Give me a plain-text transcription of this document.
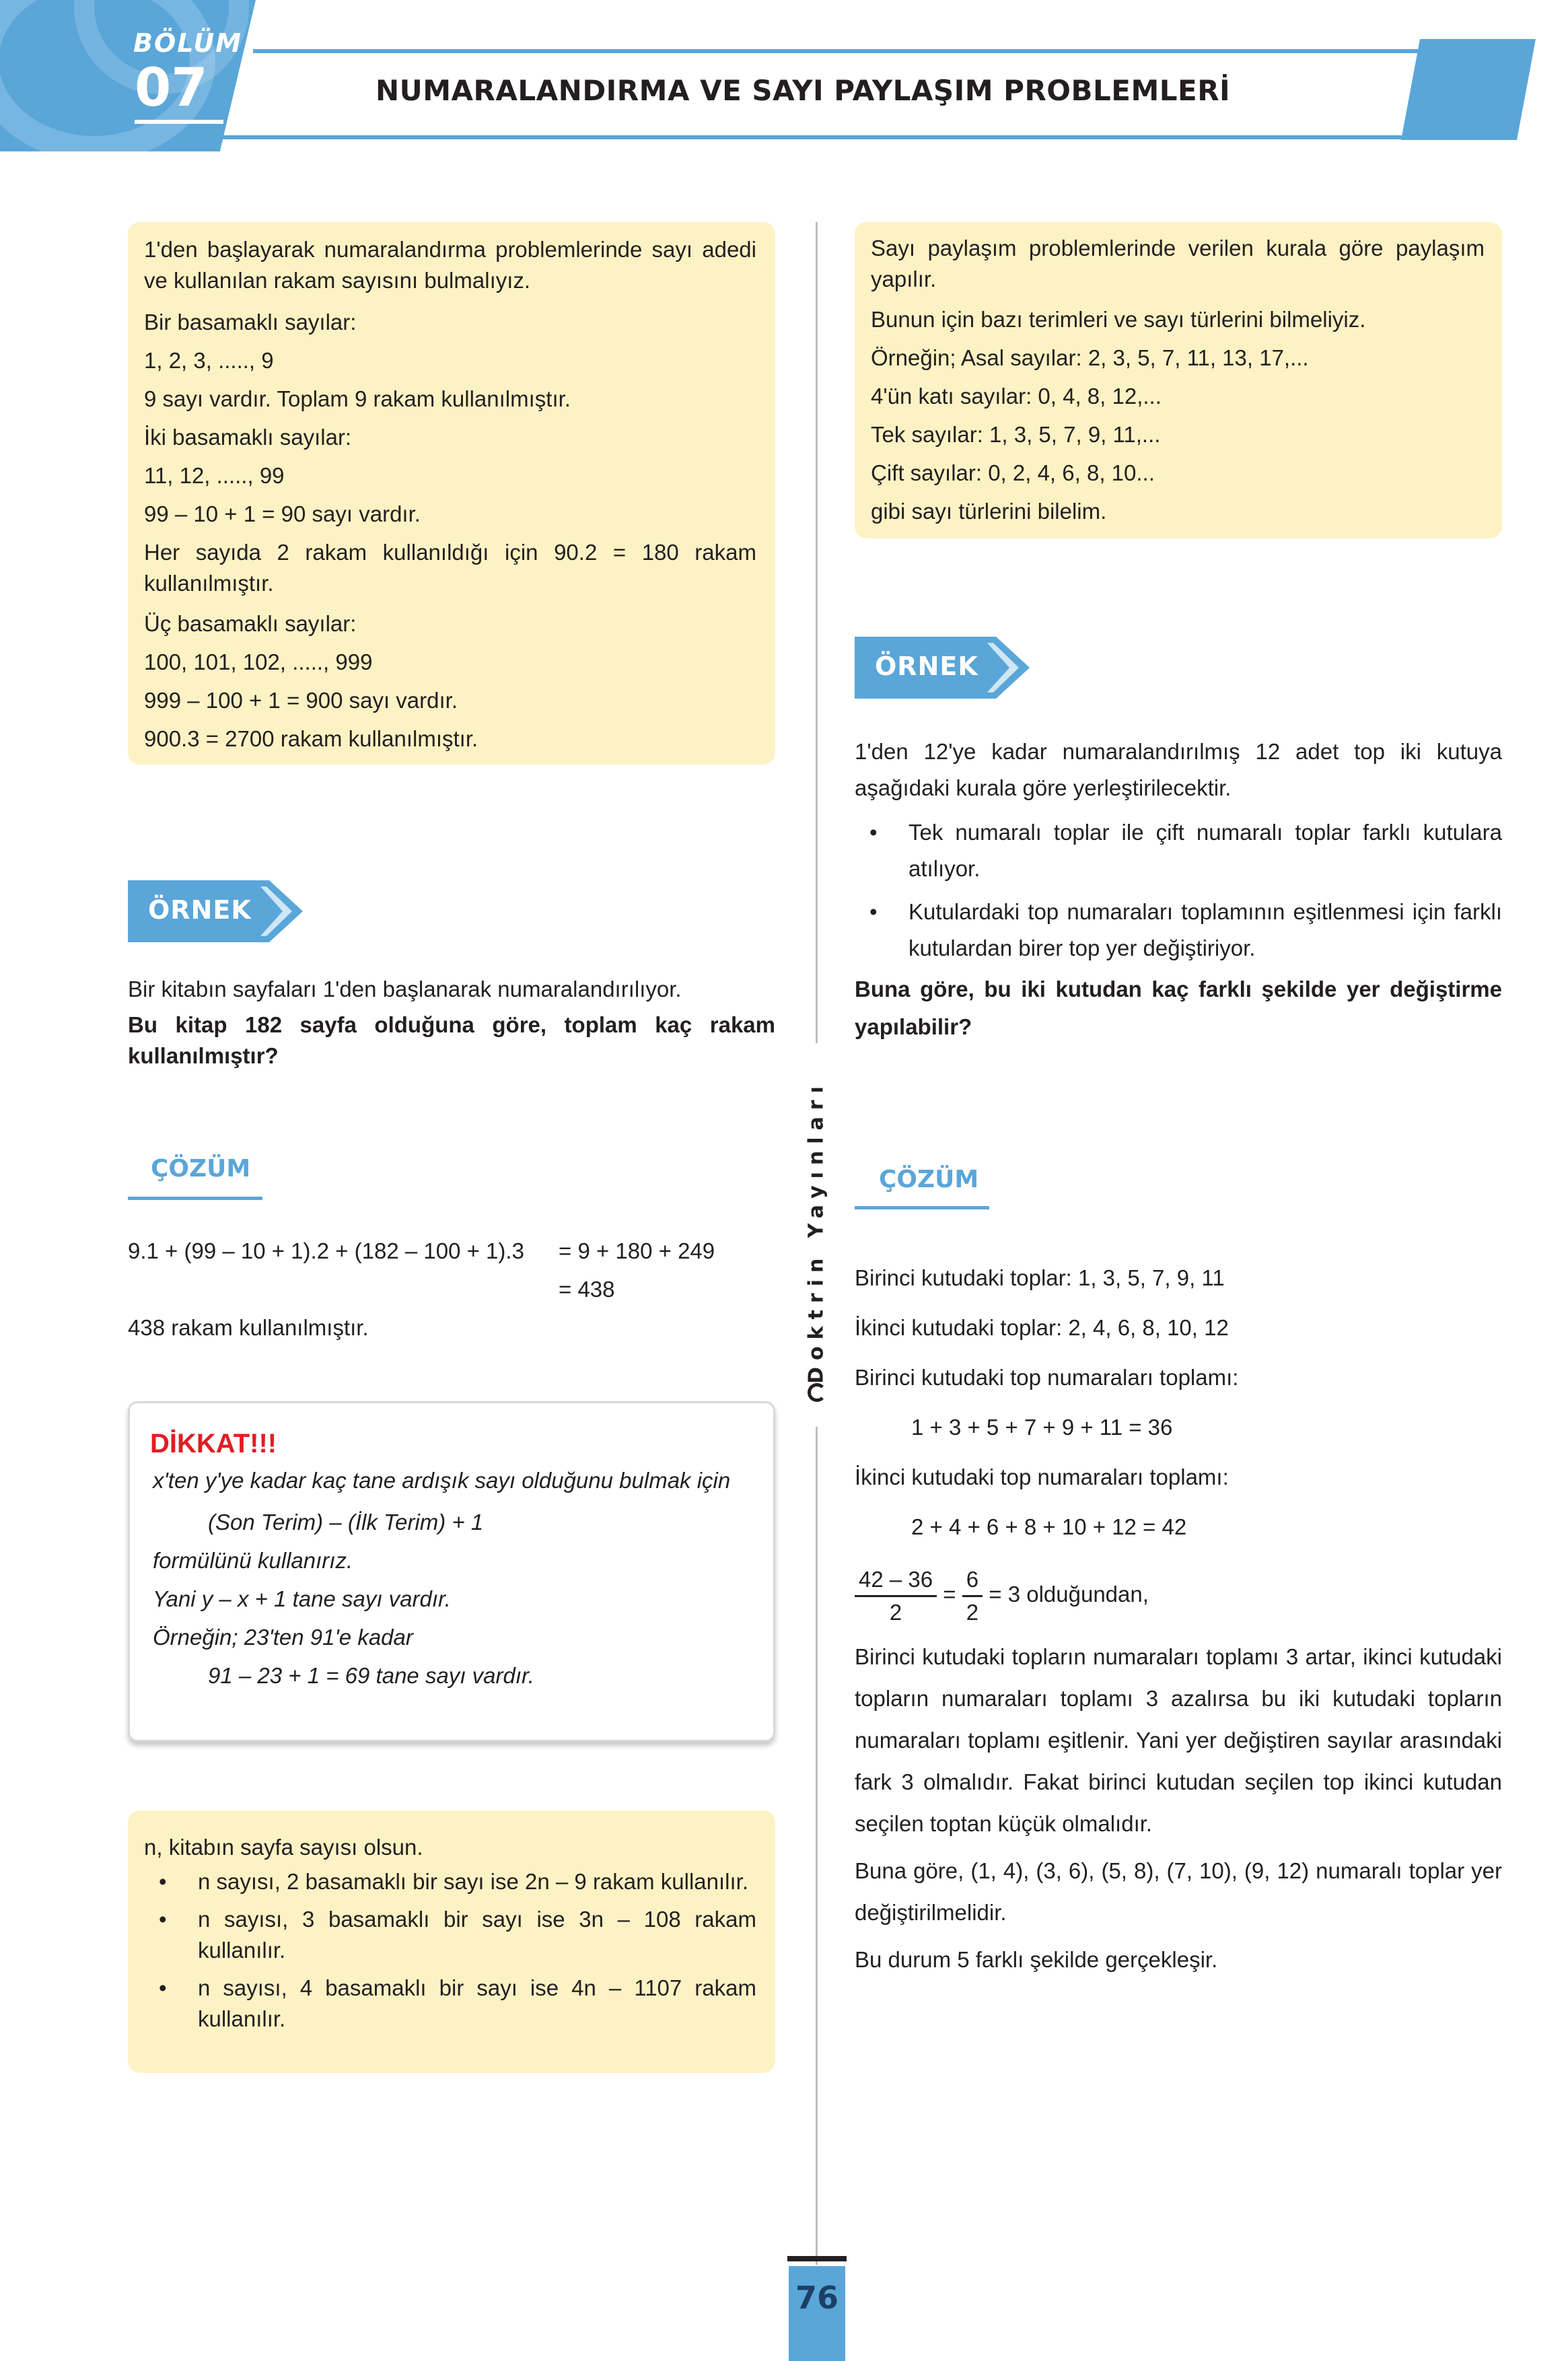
BÖLÜM
07	NUMARALANDIRMA VE SAYI PAYLAŞIM PROBLEMLERİ
1'den başlayarak numaralandırma problemlerinde sayı adedi ve kullanılan rakam sayısını bulmalıyız.
Bir basamaklı sayılar:
1, 2, 3, ....., 9
9 sayı vardır. Toplam 9 rakam kullanılmıştır.
İki basamaklı sayılar:
11, 12, ....., 99
99 – 10 + 1 = 90 sayı vardır.
Her sayıda 2 rakam kullanıldığı için 90.2 = 180 rakam kullanılmıştır.
Üç basamaklı sayılar:
100, 101, 102, ....., 999
999 – 100 + 1 = 900 sayı vardır.
900.3 = 2700 rakam kullanılmıştır.
ÖRNEK
Bir kitabın sayfaları 1'den başlanarak numaralandırılıyor.
Bu kitap 182 sayfa olduğuna göre, toplam kaç rakam kullanılmıştır?
ÇÖZÜM
9.1 + (99 – 10 + 1).2 + (182 – 100 + 1).3 = 9 + 180 + 249
= 438
438 rakam kullanılmıştır.
DİKKAT!!!
x'ten y'ye kadar kaç tane ardışık sayı olduğunu bulmak için
(Son Terim) – (İlk Terim) + 1
formülünü kullanırız.
Yani y – x + 1 tane sayı vardır.
Örneğin; 23'ten 91'e kadar
91 – 23 + 1 = 69 tane sayı vardır.
n, kitabın sayfa sayısı olsun.
• n sayısı, 2 basamaklı bir sayı ise 2n – 9 rakam kullanılır.
• n sayısı, 3 basamaklı bir sayı ise 3n – 108 rakam kullanılır.
• n sayısı, 4 basamaklı bir sayı ise 4n – 1107 rakam kullanılır.
Doktrin Yayınları
Sayı paylaşım problemlerinde verilen kurala göre paylaşım yapılır.
Bunun için bazı terimleri ve sayı türlerini bilmeliyiz.
Örneğin; Asal sayılar: 2, 3, 5, 7, 11, 13, 17,...
4'ün katı sayılar: 0, 4, 8, 12,...
Tek sayılar: 1, 3, 5, 7, 9, 11,...
Çift sayılar: 0, 2, 4, 6, 8, 10...
gibi sayı türlerini bilelim.
ÖRNEK
1'den 12'ye kadar numaralandırılmış 12 adet top iki kutuya aşağıdaki kurala göre yerleştirilecektir.
• Tek numaralı toplar ile çift numaralı toplar farklı kutulara atılıyor.
• Kutulardaki top numaraları toplamının eşitlenmesi için farklı kutulardan birer top yer değiştiriyor.
Buna göre, bu iki kutudan kaç farklı şekilde yer değiştirme yapılabilir?
ÇÖZÜM
Birinci kutudaki toplar: 1, 3, 5, 7, 9, 11
İkinci kutudaki toplar: 2, 4, 6, 8, 10, 12
Birinci kutudaki top numaraları toplamı:
1 + 3 + 5 + 7 + 9 + 11 = 36
İkinci kutudaki top numaraları toplamı:
2 + 4 + 6 + 8 + 10 + 12 = 42
$\frac{42 - 36}{2} = \frac{6}{2} = 3$ olduğundan,
Birinci kutudaki topların numaraları toplamı 3 artar, ikinci kutudaki topların numaraları toplamı 3 azalırsa bu iki kutudaki topların numaraları toplamı eşitlenir. Yani yer değiştiren sayılar arasındaki fark 3 olmalıdır. Fakat birinci kutudan seçilen top ikinci kutudan seçilen toptan küçük olmalıdır.
Buna göre, (1, 4), (3, 6), (5, 8), (7, 10), (9, 12) numaralı toplar yer değiştirilmelidir.
Bu durum 5 farklı şekilde gerçekleşir.
76
